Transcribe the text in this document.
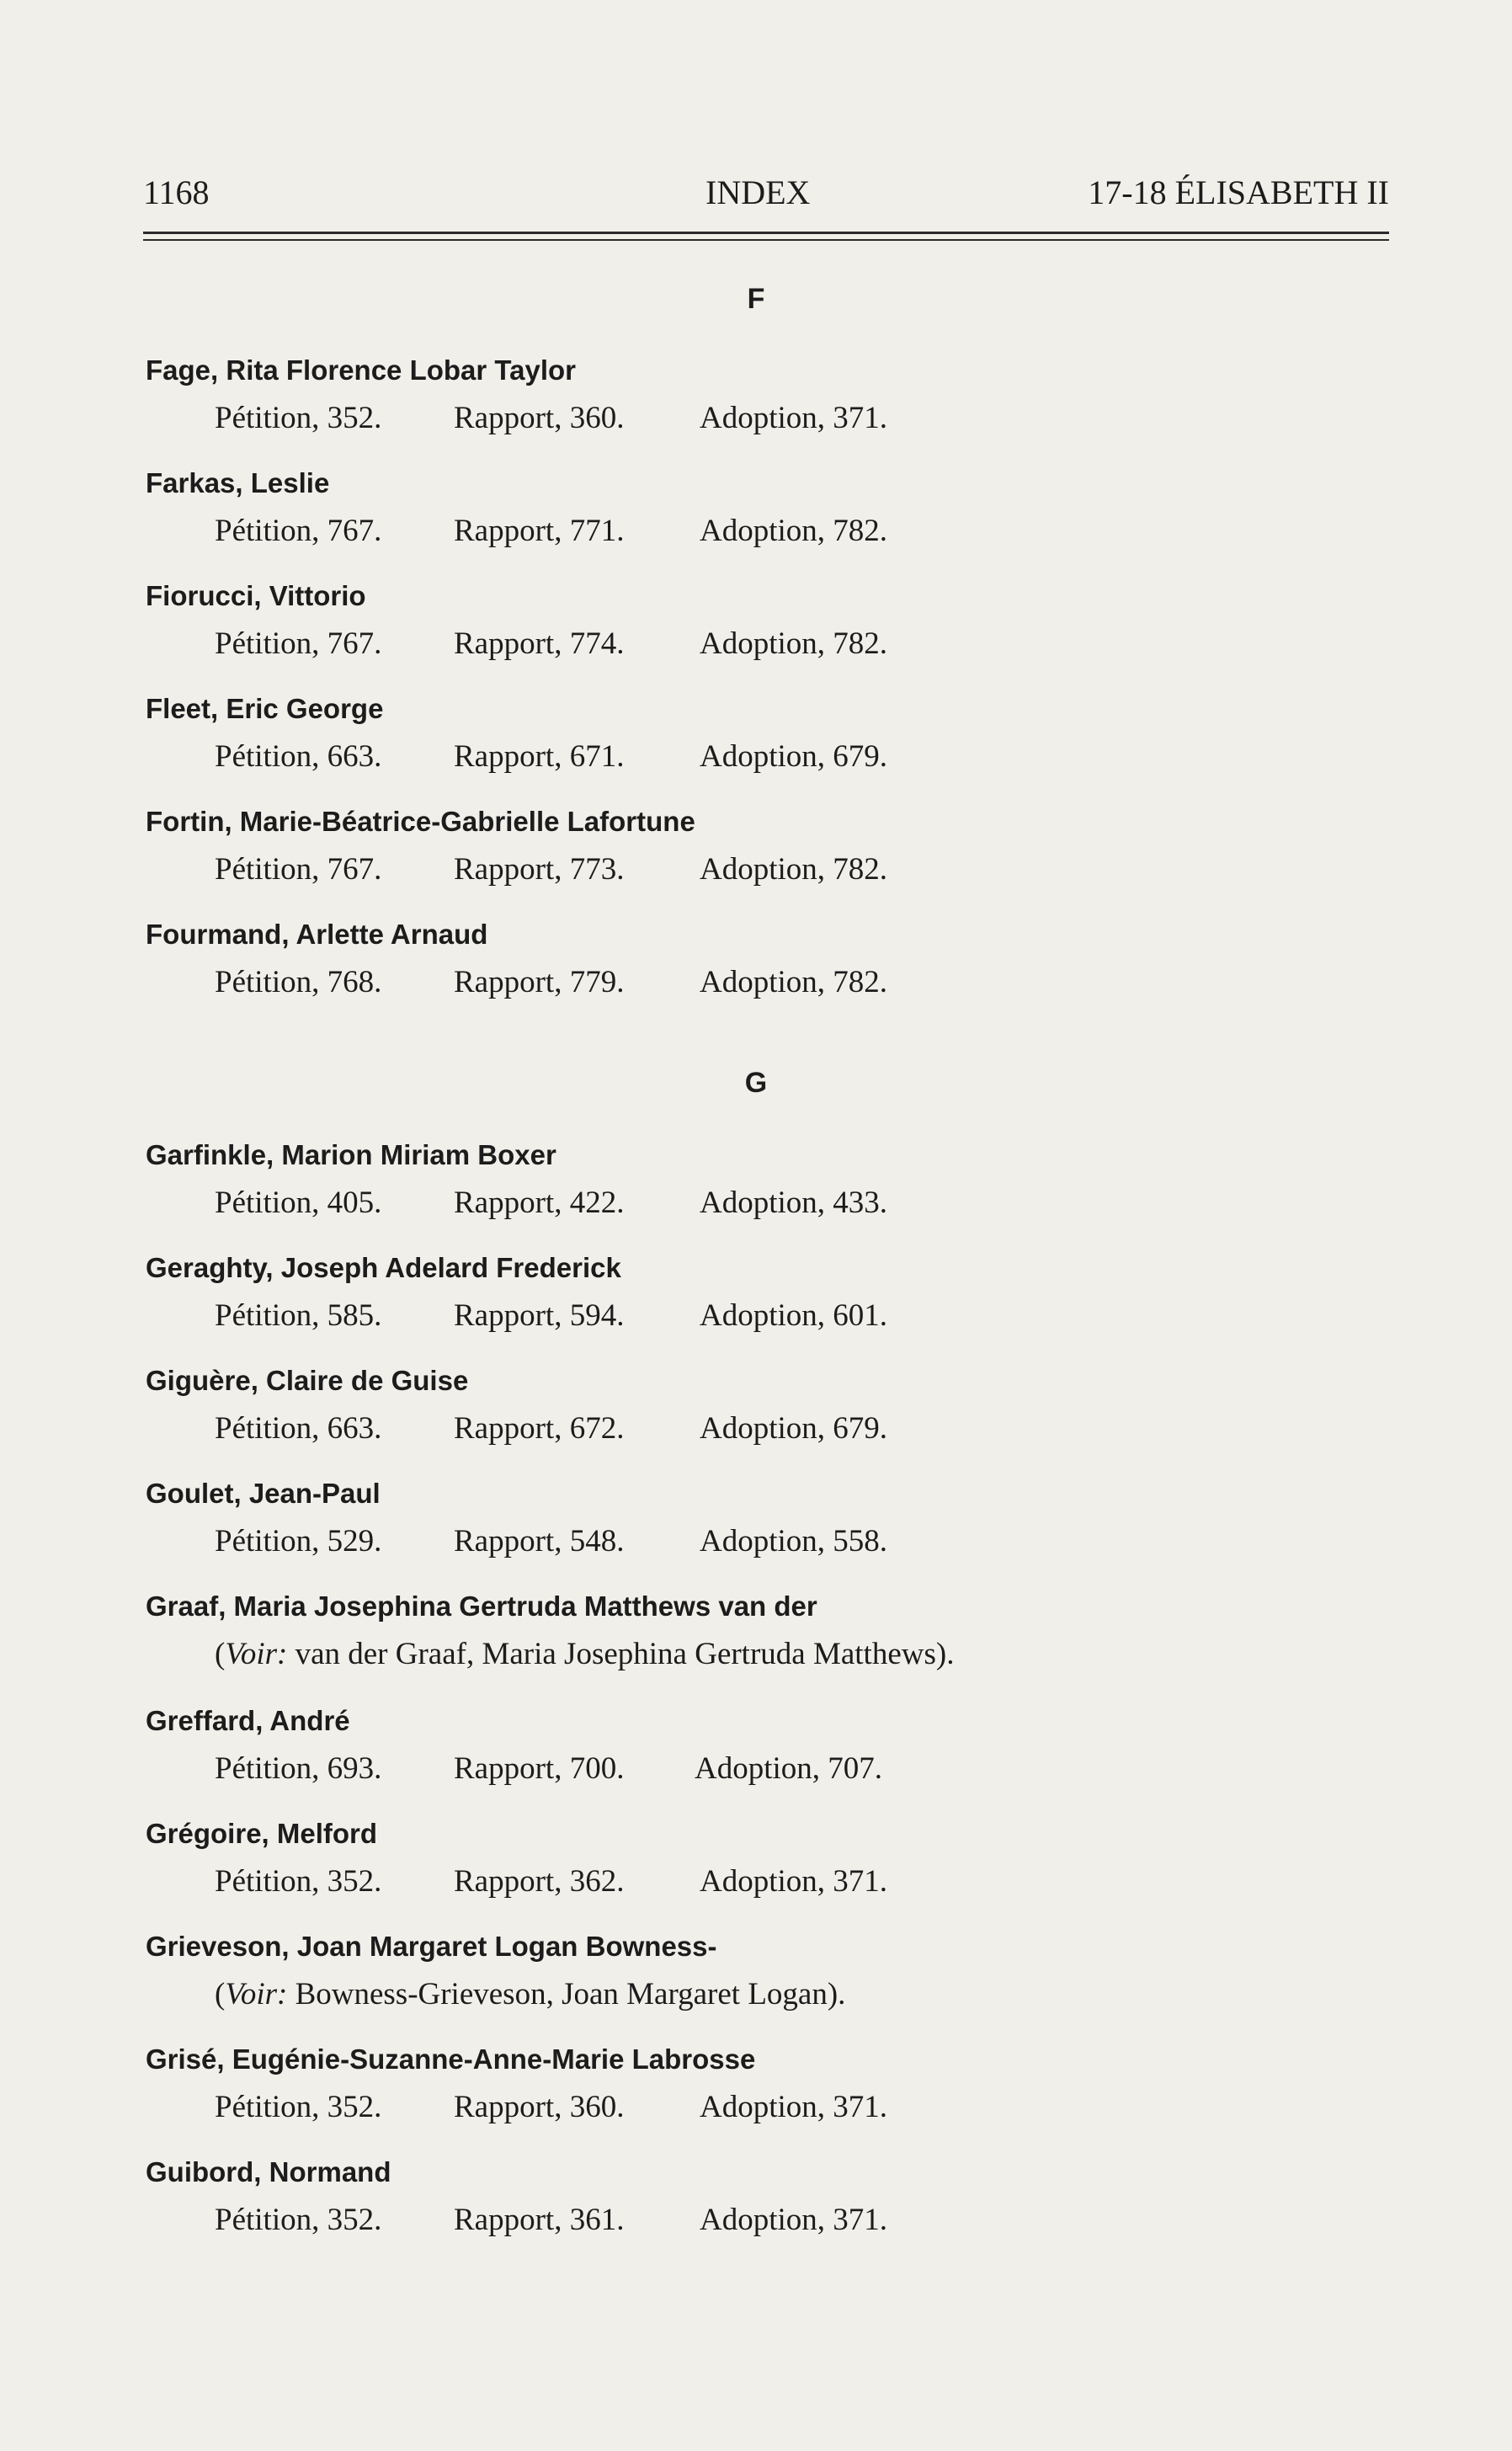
1168	INDEX	17-18 ÉLISABETH II
F
Fage, Rita Florence Lobar Taylor
Pétition, 352. Rapport, 360. Adoption, 371.
Farkas, Leslie
Pétition, 767. Rapport, 771. Adoption, 782.
Fiorucci, Vittorio
Pétition, 767. Rapport, 774. Adoption, 782.
Fleet, Eric George
Pétition, 663. Rapport, 671. Adoption, 679.
Fortin, Marie-Béatrice-Gabrielle Lafortune
Pétition, 767. Rapport, 773. Adoption, 782.
Fourmand, Arlette Arnaud
Pétition, 768. Rapport, 779. Adoption, 782.
G
Garfinkle, Marion Miriam Boxer
Pétition, 405. Rapport, 422. Adoption, 433.
Geraghty, Joseph Adelard Frederick
Pétition, 585. Rapport, 594. Adoption, 601.
Giguère, Claire de Guise
Pétition, 663. Rapport, 672. Adoption, 679.
Goulet, Jean-Paul
Pétition, 529. Rapport, 548. Adoption, 558.
Graaf, Maria Josephina Gertruda Matthews van der
(Voir: van der Graaf, Maria Josephina Gertruda Matthews).
Greffard, André
Pétition, 693. Rapport, 700. Adoption, 707.
Grégoire, Melford
Pétition, 352. Rapport, 362. Adoption, 371.
Grieveson, Joan Margaret Logan Bowness-
(Voir: Bowness-Grieveson, Joan Margaret Logan).
Grisé, Eugénie-Suzanne-Anne-Marie Labrosse
Pétition, 352. Rapport, 360. Adoption, 371.
Guibord, Normand
Pétition, 352. Rapport, 361. Adoption, 371.
